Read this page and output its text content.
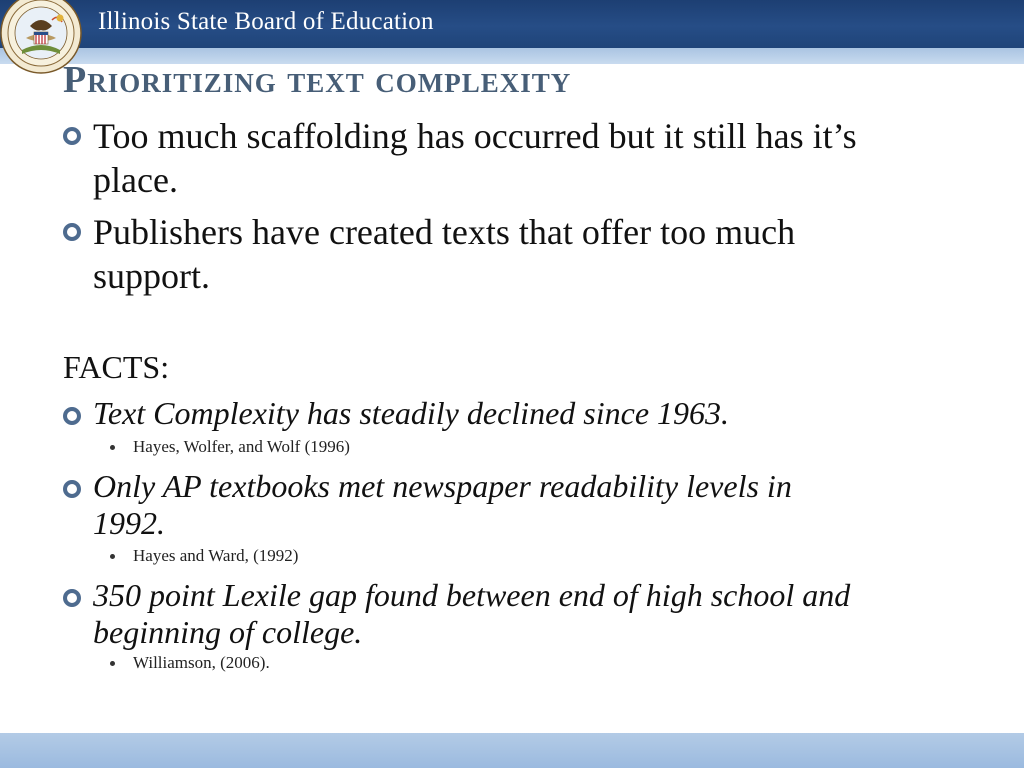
Illinois State Board of Education
Prioritizing text complexity
Too much scaffolding has occurred but it still has it’s place.
Publishers have created texts that offer too much support.
FACTS:
Text Complexity has steadily declined since 1963.
Hayes, Wolfer, and Wolf (1996)
Only AP textbooks met newspaper readability levels in 1992.
Hayes and Ward, (1992)
350 point Lexile gap found between end of high school and beginning of college.
Williamson, (2006).
